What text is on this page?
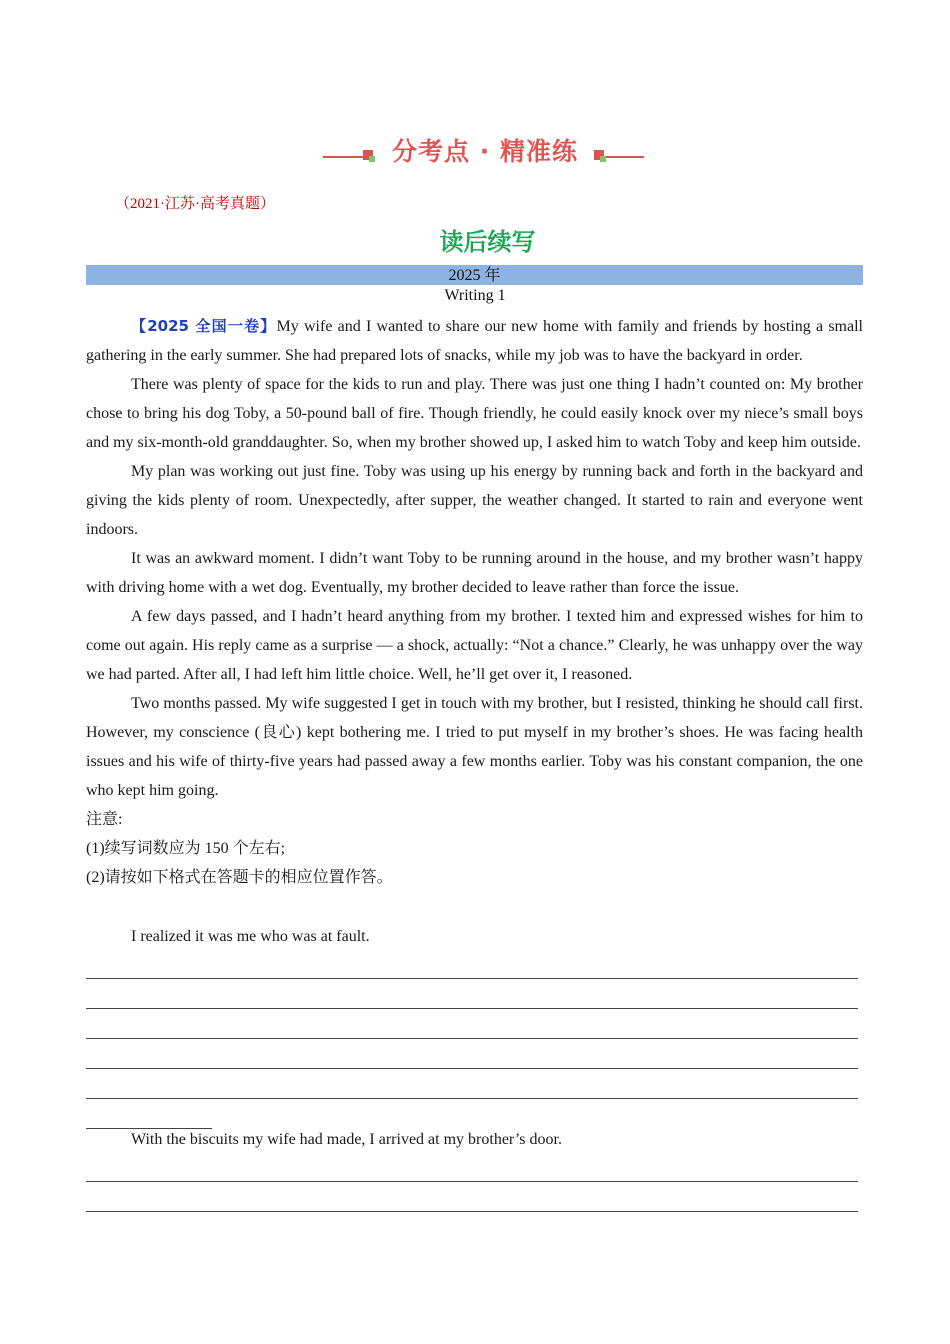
分考点 · 精准练
（2021·江苏·高考真题）
读后续写
2025 年
Writing 1

【2025 全国一卷】My wife and I wanted to share our new home with family and friends by hosting a small gathering in the early summer. She had prepared lots of snacks, while my job was to have the backyard in order.

There was plenty of space for the kids to run and play. There was just one thing I hadn’t counted on: My brother chose to bring his dog Toby, a 50-pound ball of fire. Though friendly, he could easily knock over my niece’s small boys and my six-month-old granddaughter. So, when my brother showed up, I asked him to watch Toby and keep him outside.

My plan was working out just fine. Toby was using up his energy by running back and forth in the backyard and giving the kids plenty of room. Unexpectedly, after supper, the weather changed. It started to rain and everyone went indoors.

It was an awkward moment. I didn’t want Toby to be running around in the house, and my brother wasn’t happy with driving home with a wet dog. Eventually, my brother decided to leave rather than force the issue.

A few days passed, and I hadn’t heard anything from my brother. I texted him and expressed wishes for him to come out again. His reply came as a surprise — a shock, actually: “Not a chance.” Clearly, he was unhappy over the way we had parted. After all, I had left him little choice. Well, he’ll get over it, I reasoned.

Two months passed. My wife suggested I get in touch with my brother, but I resisted, thinking he should call first. However, my conscience (良心) kept bothering me. I tried to put myself in my brother’s shoes. He was facing health issues and his wife of thirty-five years had passed away a few months earlier. Toby was his constant companion, the one who kept him going.

注意:

(1)续写词数应为 150 个左右;

(2)请按如下格式在答题卡的相应位置作答。

I realized it was me who was at fault.
With the biscuits my wife had made, I arrived at my brother’s door.
